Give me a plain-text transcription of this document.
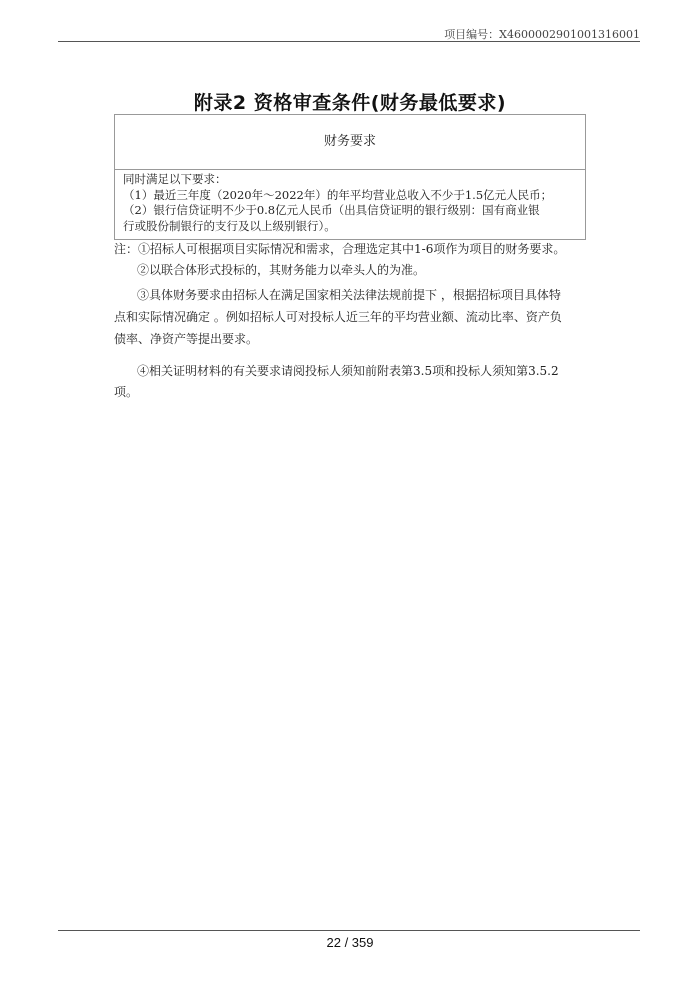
项目编号：X4600002901001316001
附录2 资格审查条件(财务最低要求)
财务要求
同时满足以下要求：
（1）最近三年度（2020年～2022年）的年平均营业总收入不少于1.5亿元人民币；
（2）银行信贷证明不少于0.8亿元人民币（出具信贷证明的银行级别：国有商业银
行或股份制银行的支行及以上级别银行）。
注：①招标人可根据项目实际情况和需求，合理选定其中1-6项作为项目的财务要求。
②以联合体形式投标的，其财务能力以牵头人的为准。
③具体财务要求由招标人在满足国家相关法律法规前提下 ，根据招标项目具体特
点和实际情况确定 。例如招标人可对投标人近三年的平均营业额、流动比率、资产负
债率、净资产等提出要求。
④相关证明材料的有关要求请阅投标人须知前附表第3.5项和投标人须知第3.5.2
项。
22 / 359
